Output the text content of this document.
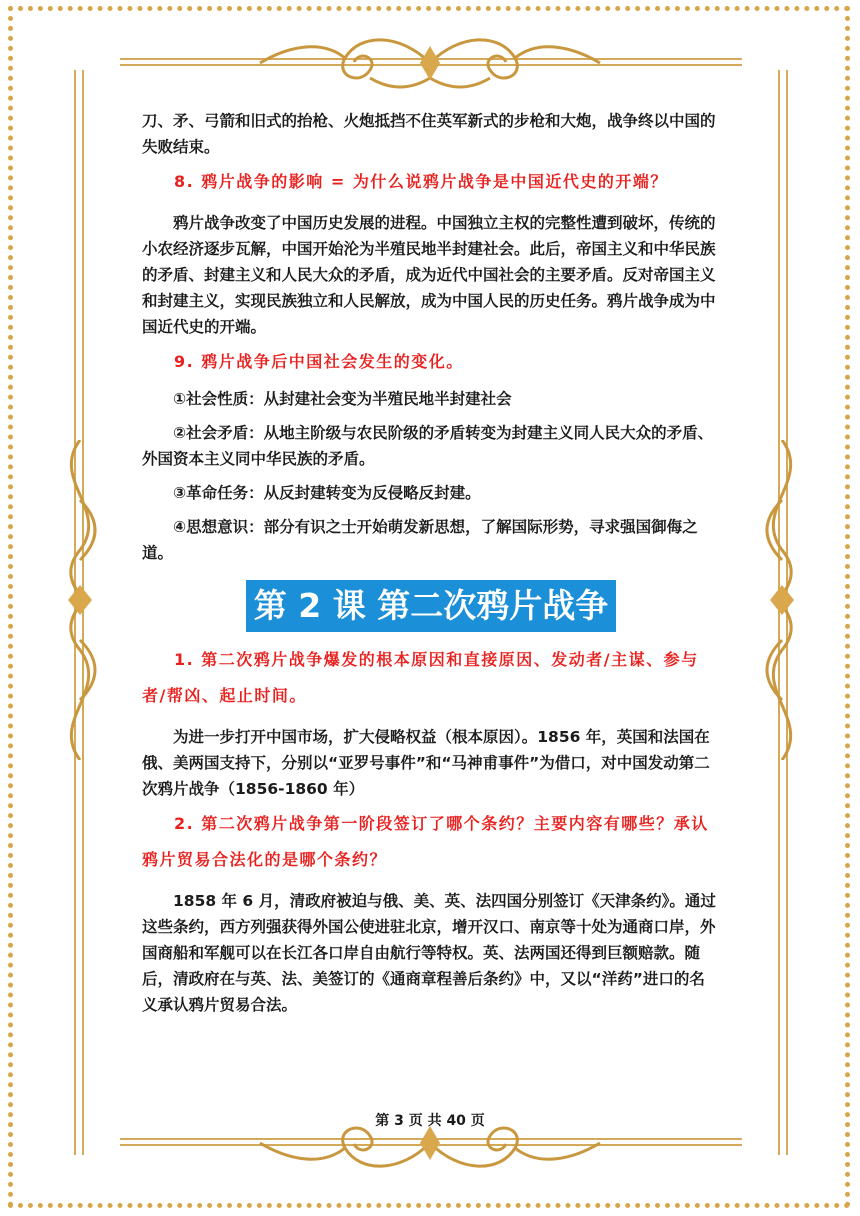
刀、矛、弓箭和旧式的抬枪、火炮抵挡不住英军新式的步枪和大炮，战争终以中国的失败结束。

8. 鸦片战争的影响 = 为什么说鸦片战争是中国近代史的开端？

鸦片战争改变了中国历史发展的进程。中国独立主权的完整性遭到破坏，传统的小农经济逐步瓦解，中国开始沦为半殖民地半封建社会。此后，帝国主义和中华民族的矛盾、封建主义和人民大众的矛盾，成为近代中国社会的主要矛盾。反对帝国主义和封建主义，实现民族独立和人民解放，成为中国人民的历史任务。鸦片战争成为中国近代史的开端。

9. 鸦片战争后中国社会发生的变化。

①社会性质：从封建社会变为半殖民地半封建社会

②社会矛盾：从地主阶级与农民阶级的矛盾转变为封建主义同人民大众的矛盾、外国资本主义同中华民族的矛盾。

③革命任务：从反封建转变为反侵略反封建。

④思想意识：部分有识之士开始萌发新思想，了解国际形势，寻求强国御侮之道。

第 2 课 第二次鸦片战争

1. 第二次鸦片战争爆发的根本原因和直接原因、发动者/主谋、参与者/帮凶、起止时间。

为进一步打开中国市场，扩大侵略权益（根本原因）。1856 年，英国和法国在俄、美两国支持下，分别以“亚罗号事件”和“马神甫事件”为借口，对中国发动第二次鸦片战争（1856-1860 年）

2. 第二次鸦片战争第一阶段签订了哪个条约？主要内容有哪些？承认鸦片贸易合法化的是哪个条约？

1858 年 6 月，清政府被迫与俄、美、英、法四国分别签订《天津条约》。通过这些条约，西方列强获得外国公使进驻北京，增开汉口、南京等十处为通商口岸，外国商船和军舰可以在长江各口岸自由航行等特权。英、法两国还得到巨额赔款。随后，清政府在与英、法、美签订的《通商章程善后条约》中，又以“洋药”进口的名义承认鸦片贸易合法。

第 3 页 共 40 页
